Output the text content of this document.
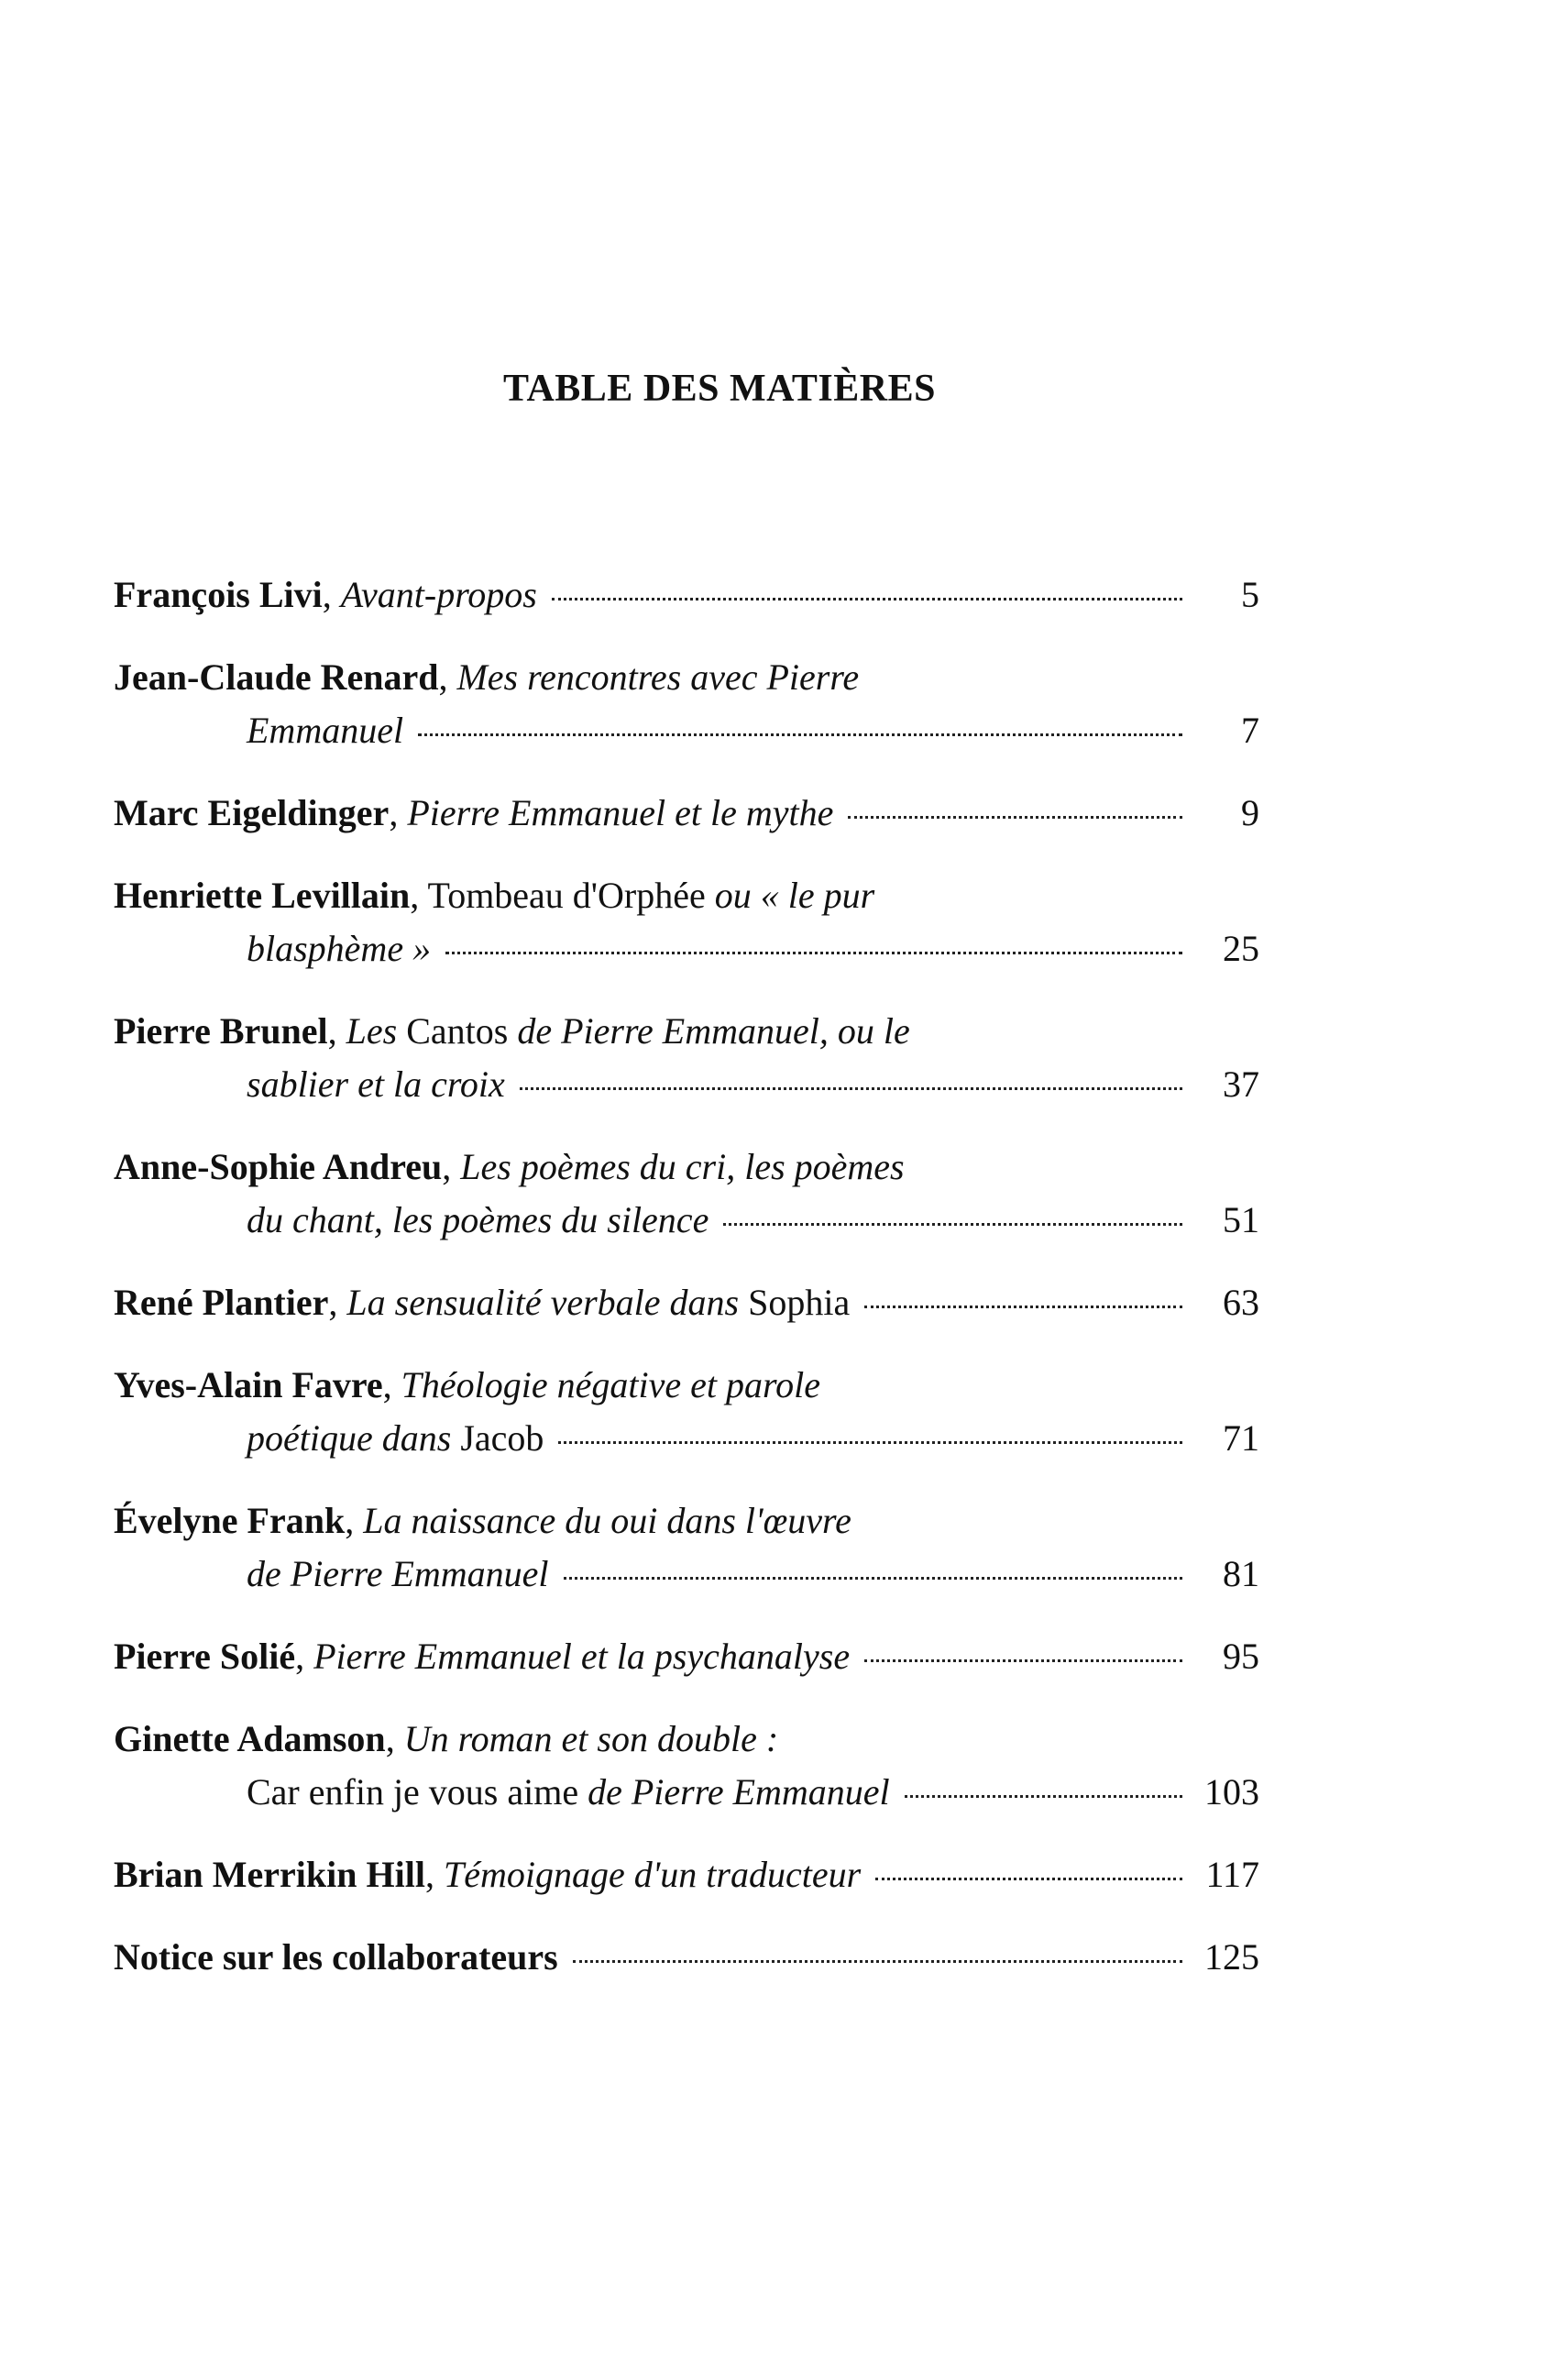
TABLE DES MATIÈRES
François Livi, Avant-propos	5
Jean-Claude Renard, Mes rencontres avec Pierre
Emmanuel	7
Marc Eigeldinger, Pierre Emmanuel et le mythe	9
Henriette Levillain, Tombeau d'Orphée ou « le pur
blasphème »	25
Pierre Brunel, Les Cantos de Pierre Emmanuel, ou le
sablier et la croix	37
Anne-Sophie Andreu, Les poèmes du cri, les poèmes
du chant, les poèmes du silence	51
René Plantier, La sensualité verbale dans Sophia	63
Yves-Alain Favre, Théologie négative et parole
poétique dans Jacob	71
Évelyne Frank, La naissance du oui dans l'œuvre
de Pierre Emmanuel	81
Pierre Solié, Pierre Emmanuel et la psychanalyse	95
Ginette Adamson, Un roman et son double :
Car enfin je vous aime de Pierre Emmanuel	103
Brian Merrikin Hill, Témoignage d'un traducteur	117
Notice sur les collaborateurs	125
